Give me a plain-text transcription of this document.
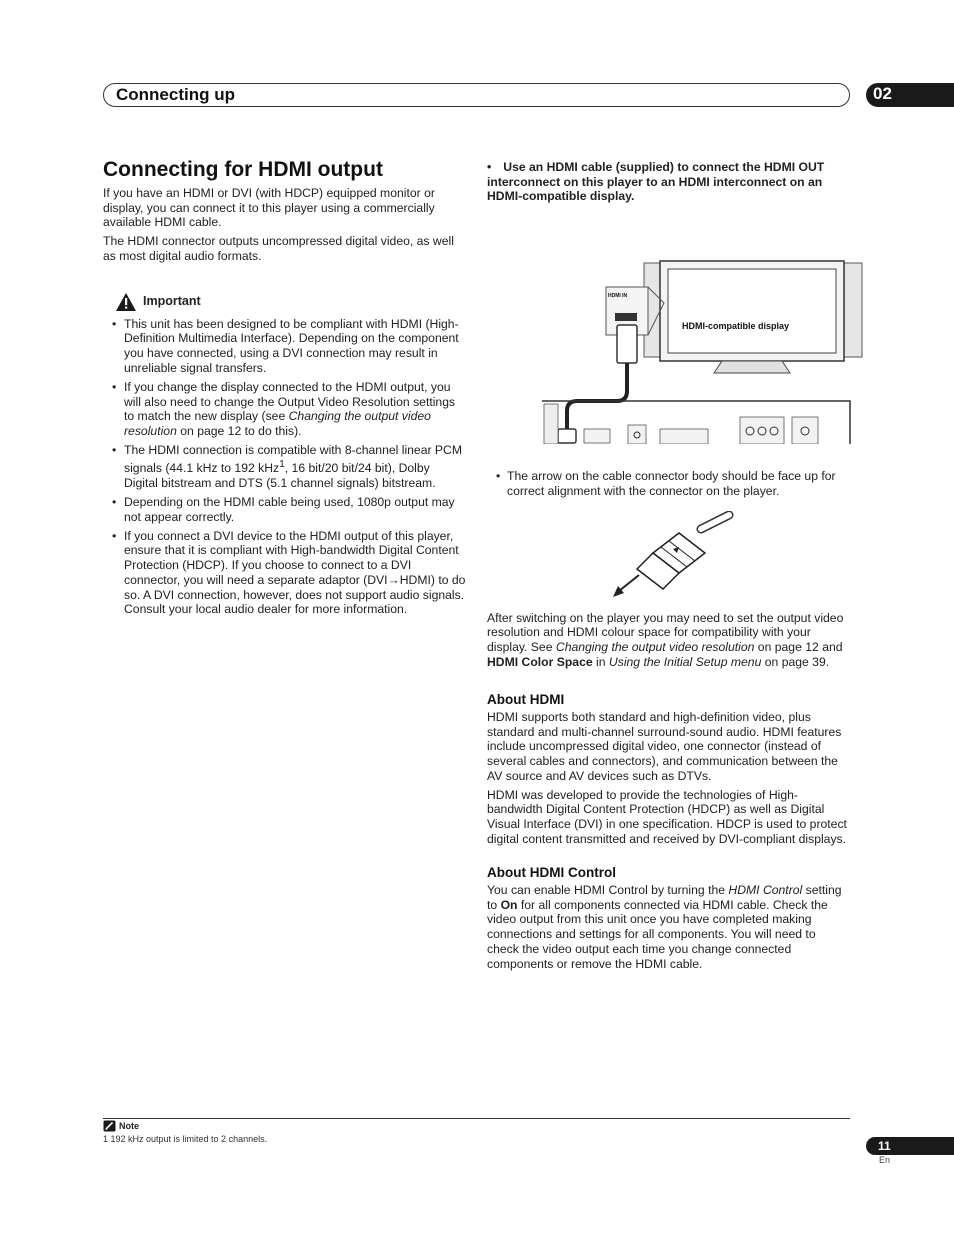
Connecting up	02
Connecting for HDMI output

If you have an HDMI or DVI (with HDCP) equipped monitor or display, you can connect it to this player using a commercially available HDMI cable.

The HDMI connector outputs uncompressed digital video, as well as most digital audio formats.

Important
• This unit has been designed to be compliant with HDMI (High-Definition Multimedia Interface). Depending on the component you have connected, using a DVI connection may result in unreliable signal transfers.
• If you change the display connected to the HDMI output, you will also need to change the Output Video Resolution settings to match the new display (see Changing the output video resolution on page 12 to do this).
• The HDMI connection is compatible with 8-channel linear PCM signals (44.1 kHz to 192 kHz$^1$, 16 bit/20 bit/24 bit), Dolby Digital bitstream and DTS (5.1 channel signals) bitstream.
• Depending on the HDMI cable being used, 1080p output may not appear correctly.
• If you connect a DVI device to the HDMI output of this player, ensure that it is compliant with High-bandwidth Digital Content Protection (HDCP). If you choose to connect to a DVI connector, you will need a separate adaptor (DVI→HDMI) to do so. A DVI connection, however, does not support audio signals. Consult your local audio dealer for more information.

• Use an HDMI cable (supplied) to connect the HDMI OUT interconnect on this player to an HDMI interconnect on an HDMI-compatible display.

HDMI-compatible display
HDMI IN

• The arrow on the cable connector body should be face up for correct alignment with the connector on the player.

After switching on the player you may need to set the output video resolution and HDMI colour space for compatibility with your display. See Changing the output video resolution on page 12 and HDMI Color Space in Using the Initial Setup menu on page 39.

About HDMI

HDMI supports both standard and high-definition video, plus standard and multi-channel surround-sound audio. HDMI features include uncompressed digital video, one connector (instead of several cables and connectors), and communication between the AV source and AV devices such as DTVs.

HDMI was developed to provide the technologies of High-bandwidth Digital Content Protection (HDCP) as well as Digital Visual Interface (DVI) in one specification. HDCP is used to protect digital content transmitted and received by DVI-compliant displays.

About HDMI Control

You can enable HDMI Control by turning the HDMI Control setting to On for all components connected via HDMI cable. Check the video output from this unit once you have completed making connections and settings for all components. You will need to check the video output each time you change connected components or remove the HDMI cable.

Note
1 192 kHz output is limited to 2 channels.	11
En
